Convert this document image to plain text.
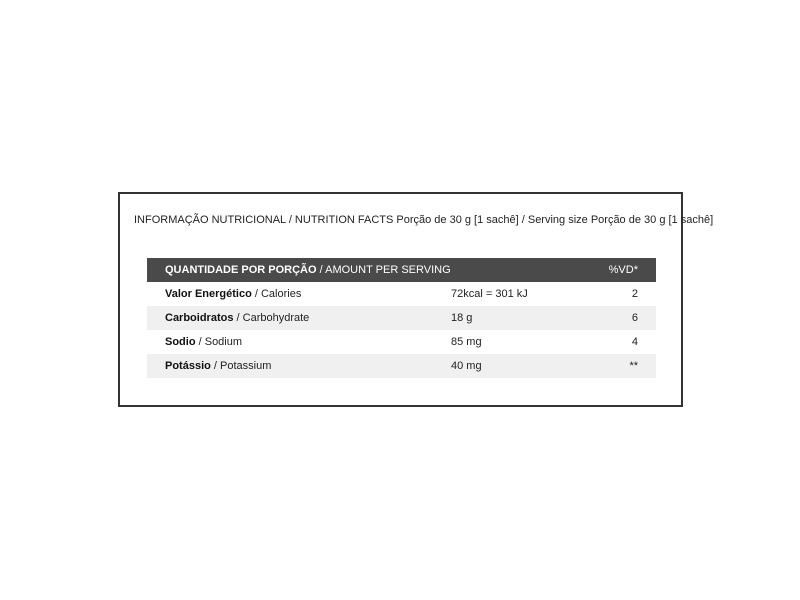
INFORMAÇÃO NUTRICIONAL / NUTRITION FACTS Porção de 30 g [1 sachê] / Serving size Porção de 30 g [1 sachê]
QUANTIDADE POR PORÇÃO / AMOUNT PER SERVING	%VD*
Valor Energético / Calories	72kcal = 301 kJ	2
Carboidratos / Carbohydrate	18 g	6
Sodio / Sodium	85 mg	4
Potássio / Potassium	40 mg	**
